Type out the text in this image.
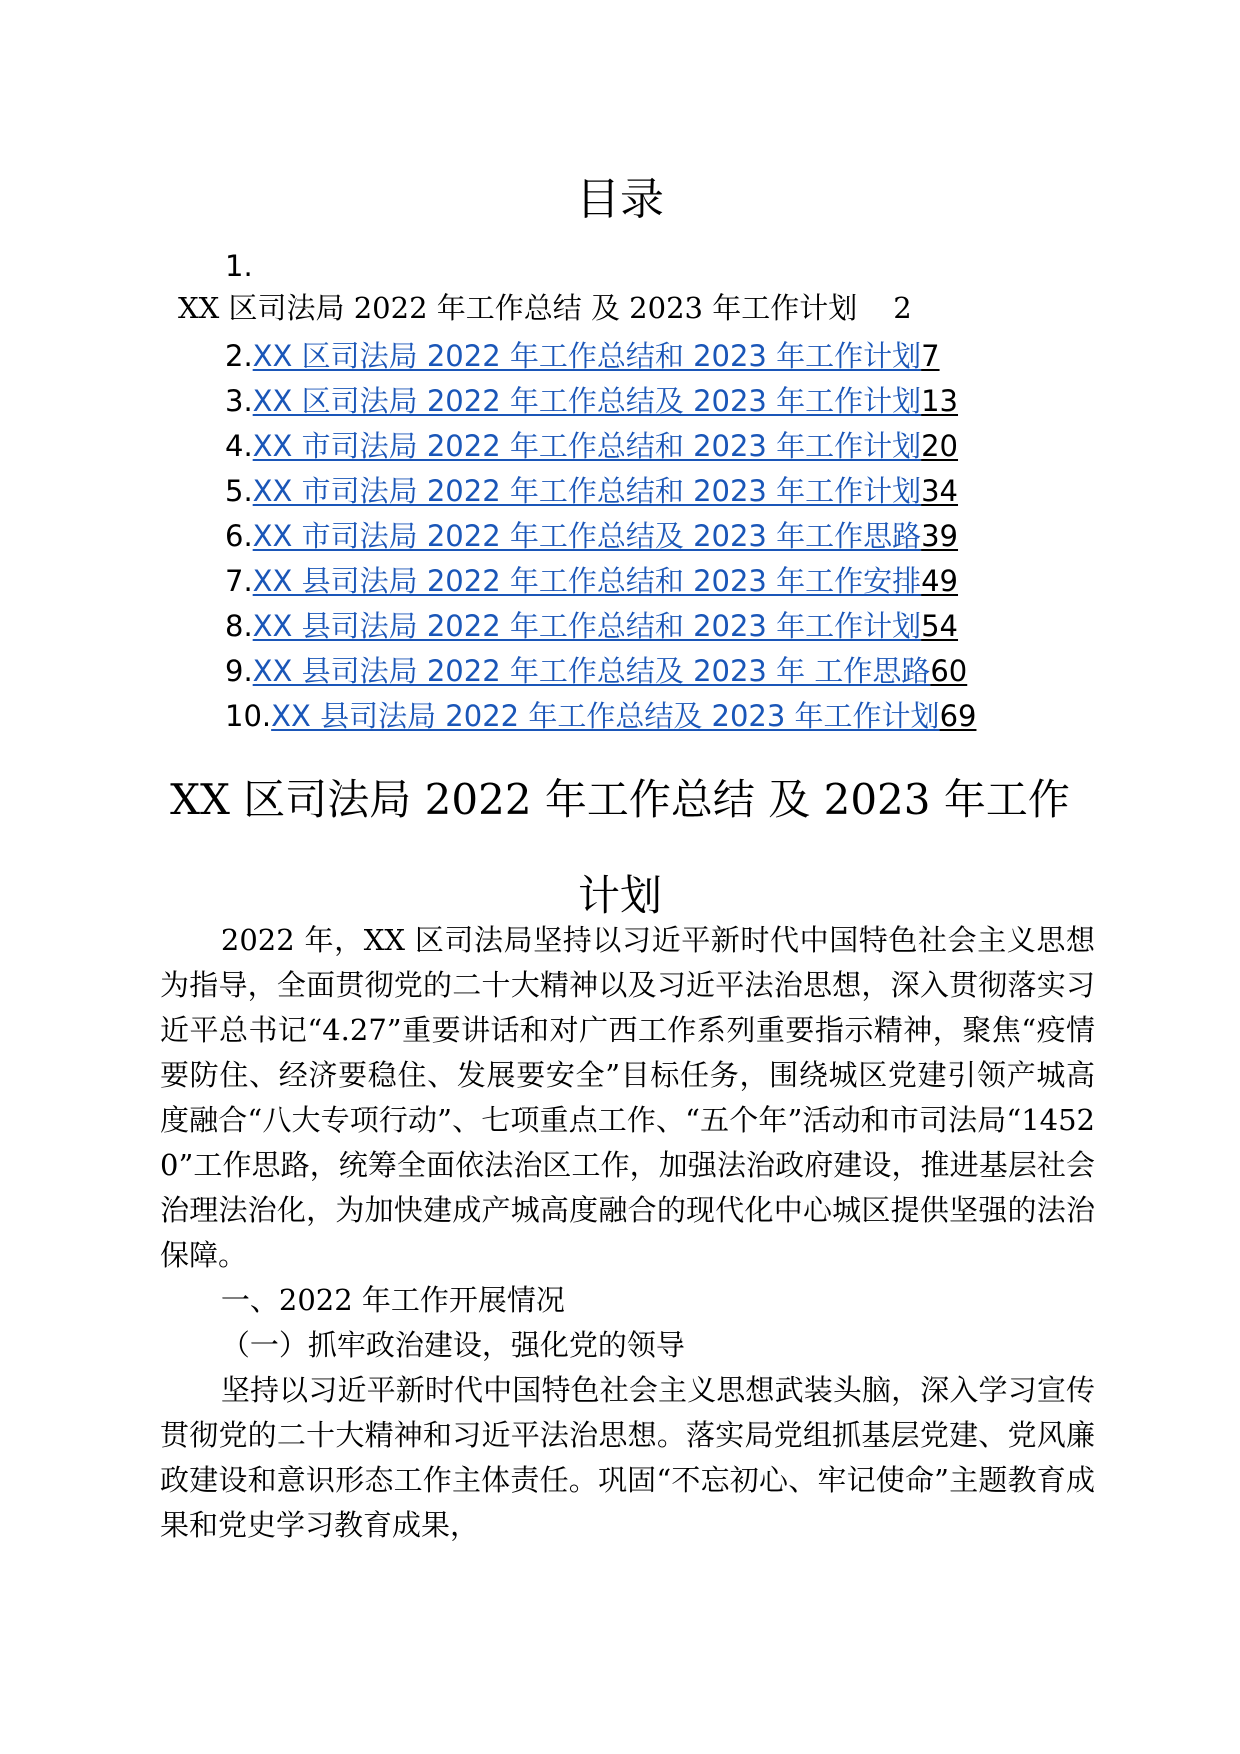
目录
1.
XX 区司法局 2022 年工作总结 及 2023 年工作计划 2
2.XX 区司法局 2022 年工作总结和 2023 年工作计划7
3.XX 区司法局 2022 年工作总结及 2023 年工作计划13
4.XX 市司法局 2022 年工作总结和 2023 年工作计划20
5.XX 市司法局 2022 年工作总结和 2023 年工作计划34
6.XX 市司法局 2022 年工作总结及 2023 年工作思路39
7.XX 县司法局 2022 年工作总结和 2023 年工作安排49
8.XX 县司法局 2022 年工作总结和 2023 年工作计划54
9.XX 县司法局 2022 年工作总结及 2023 年 工作思路60
10.XX 县司法局 2022 年工作总结及 2023 年工作计划69
XX 区司法局 2022 年工作总结 及 2023 年工作
计划

2022 年，XX 区司法局坚持以习近平新时代中国特色社会主义思想为指导，全面贯彻党的二十大精神以及习近平法治思想，深入贯彻落实习近平总书记“4.27”重要讲话和对广西工作系列重要指示精神，聚焦“疫情要防住、经济要稳住、发展要安全”目标任务，围绕城区党建引领产城高度融合“八大专项行动”、七项重点工作、“五个年”活动和市司法局“14520”工作思路，统筹全面依法治区工作，加强法治政府建设，推进基层社会治理法治化，为加快建成产城高度融合的现代化中心城区提供坚强的法治保障。

一、2022 年工作开展情况

（一）抓牢政治建设，强化党的领导

坚持以习近平新时代中国特色社会主义思想武装头脑，深入学习宣传贯彻党的二十大精神和习近平法治思想。落实局党组抓基层党建、党风廉政建设和意识形态工作主体责任。巩固“不忘初心、牢记使命”主题教育成果和党史学习教育成果，
